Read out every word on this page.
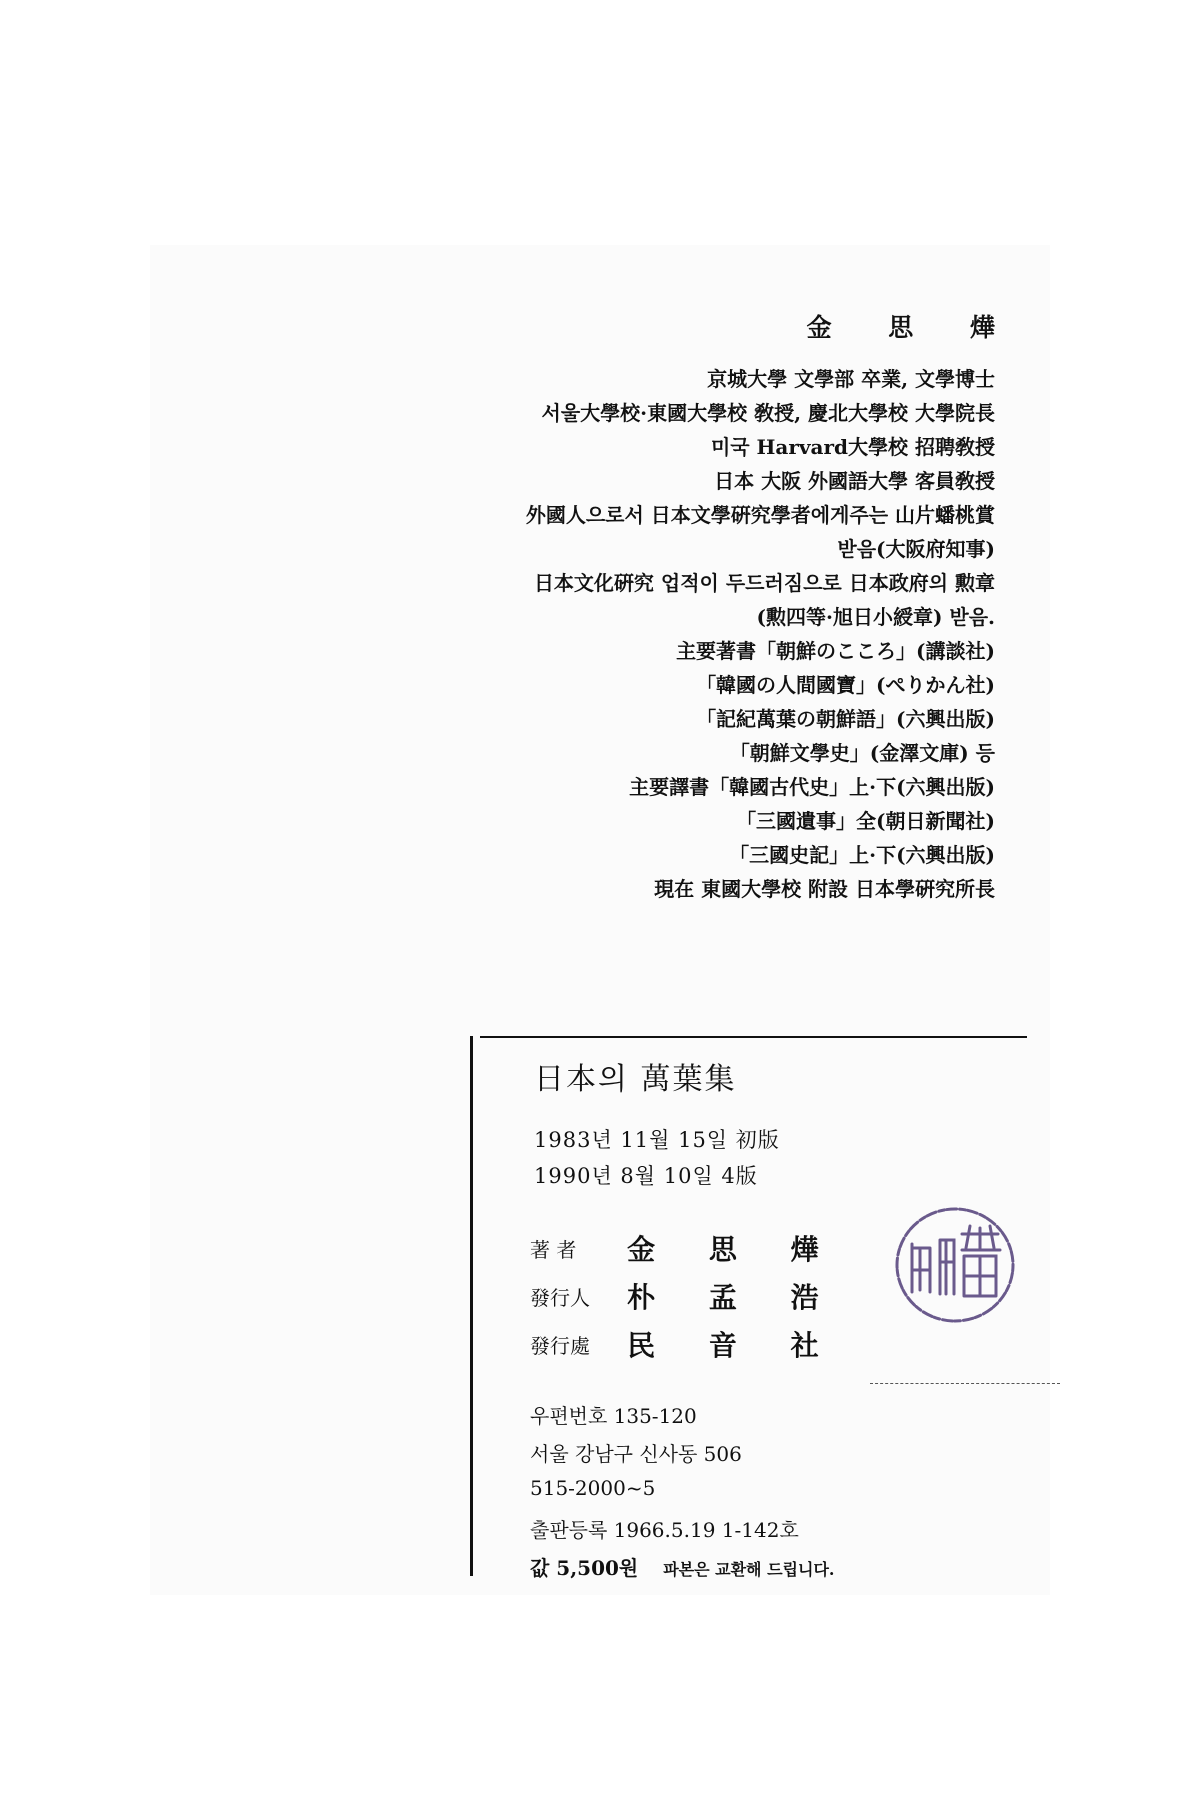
金 思 燁
京城大學 文學部 卒業, 文學博士
서울大學校·東國大學校 敎授, 慶北大學校 大學院長
미국 Harvard大學校 招聘敎授
日本 大阪 外國語大學 客員敎授
外國人으로서 日本文學硏究學者에게주는 山片蟠桃賞
받음(大阪府知事)
日本文化硏究 업적이 두드러짐으로 日本政府의 勲章
(勲四等·旭日小綬章) 받음.
主要著書「朝鮮のこころ」(講談社)
「韓國の人間國寶」(ぺりかん社)
「記紀萬葉の朝鮮語」(六興出版)
「朝鮮文學史」(金澤文庫) 등
主要譯書「韓國古代史」上·下(六興出版)
「三國遺事」全(朝日新聞社)
「三國史記」上·下(六興出版)
現在 東國大學校 附設 日本學硏究所長
日本의 萬葉集
1983년 11월 15일 初版
1990년 8월 10일 4版
著 者 金 思 燁
發行人 朴 孟 浩
發行處 民 音 社
우편번호 135-120
서울 강남구 신사동 506
515-2000~5
출판등록 1966.5.19 1-142호
값 5,500원 파본은 교환해 드립니다.
